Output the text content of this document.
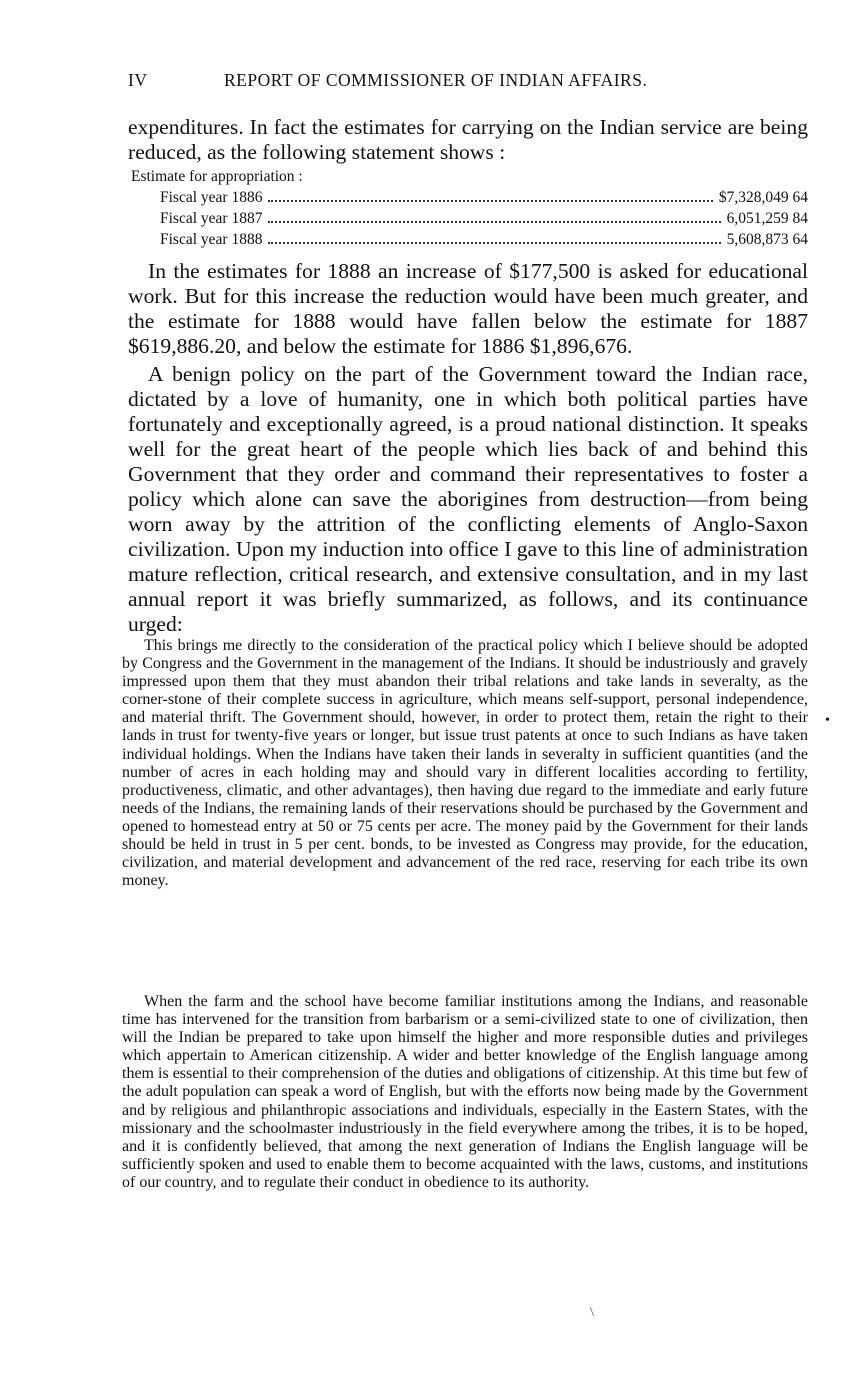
IV	REPORT OF COMMISSIONER OF INDIAN AFFAIRS.

expenditures. In fact the estimates for carrying on the Indian service are being reduced, as the following statement shows :

Estimate for appropriation :
Fiscal year 1886	$7,328,049 64
Fiscal year 1887	6,051,259 84
Fiscal year 1888	5,608,873 64

In the estimates for 1888 an increase of $177,500 is asked for educational work. But for this increase the reduction would have been much greater, and the estimate for 1888 would have fallen below the estimate for 1887 $619,886.20, and below the estimate for 1886 $1,896,676.

A benign policy on the part of the Government toward the Indian race, dictated by a love of humanity, one in which both political parties have fortunately and exceptionally agreed, is a proud national distinction. It speaks well for the great heart of the people which lies back of and behind this Government that they order and command their representatives to foster a policy which alone can save the aborigines from destruction—from being worn away by the attrition of the conflicting elements of Anglo-Saxon civilization. Upon my induction into office I gave to this line of administration mature reflection, critical research, and extensive consultation, and in my last annual report it was briefly summarized, as follows, and its continuance urged:

This brings me directly to the consideration of the practical policy which I believe should be adopted by Congress and the Government in the management of the Indians. It should be industriously and gravely impressed upon them that they must abandon their tribal relations and take lands in severalty, as the corner-stone of their complete success in agriculture, which means self-support, personal independence, and material thrift. The Government should, however, in order to protect them, retain the right to their lands in trust for twenty-five years or longer, but issue trust patents at once to such Indians as have taken individual holdings. When the Indians have taken their lands in severalty in sufficient quantities (and the number of acres in each holding may and should vary in different localities according to fertility, productiveness, climatic, and other advantages), then having due regard to the immediate and early future needs of the Indians, the remaining lands of their reservations should be purchased by the Government and opened to homestead entry at 50 or 75 cents per acre. The money paid by the Government for their lands should be held in trust in 5 per cent. bonds, to be invested as Congress may provide, for the education, civilization, and material development and advancement of the red race, reserving for each tribe its own money.

When the farm and the school have become familiar institutions among the Indians, and reasonable time has intervened for the transition from barbarism or a semi-civilized state to one of civilization, then will the Indian be prepared to take upon himself the higher and more responsible duties and privileges which appertain to American citizenship. A wider and better knowledge of the English language among them is essential to their comprehension of the duties and obligations of citizenship. At this time but few of the adult population can speak a word of English, but with the efforts now being made by the Government and by religious and philanthropic associations and individuals, especially in the Eastern States, with the missionary and the schoolmaster industriously in the field everywhere among the tribes, it is to be hoped, and it is confidently believed, that among the next generation of Indians the English language will be sufficiently spoken and used to enable them to become acquainted with the laws, customs, and institutions of our country, and to regulate their conduct in obedience to its authority.

•
\
